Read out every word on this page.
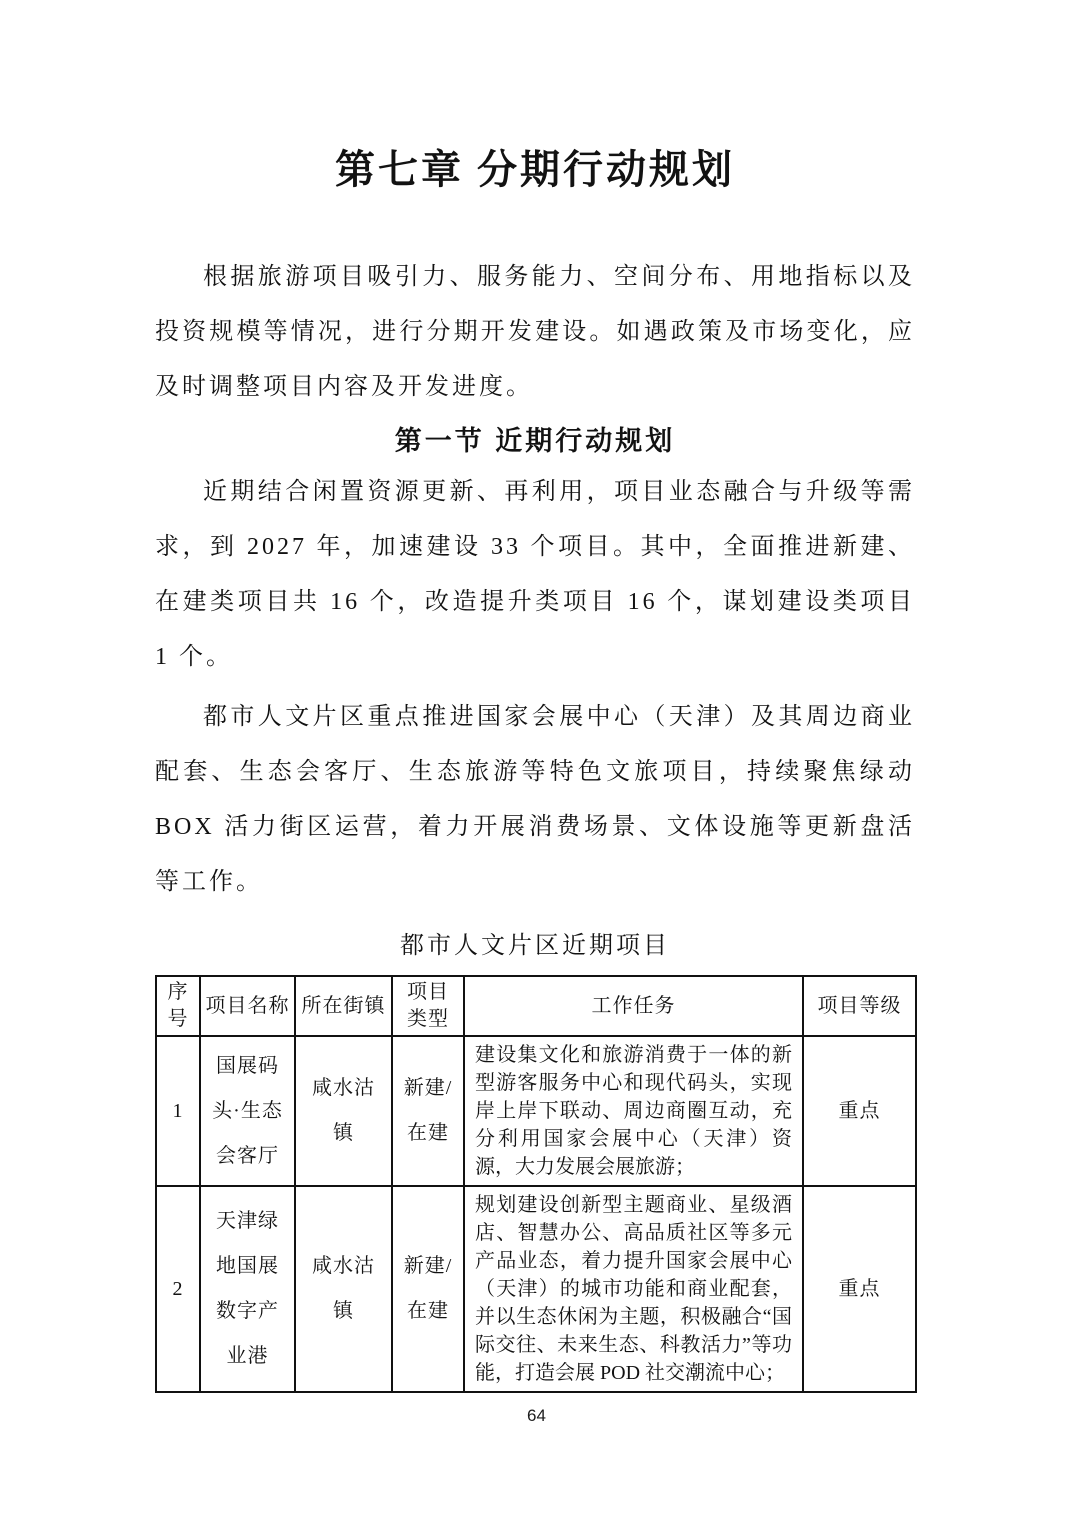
第七章 分期行动规划

根据旅游项目吸引力、服务能力、空间分布、用地指标以及投资规模等情况，进行分期开发建设。如遇政策及市场变化，应及时调整项目内容及开发进度。

第一节 近期行动规划

近期结合闲置资源更新、再利用，项目业态融合与升级等需求，到 2027 年，加速建设 33 个项目。其中，全面推进新建、在建类项目共 16 个，改造提升类项目 16 个，谋划建设类项目 1 个。

都市人文片区重点推进国家会展中心（天津）及其周边商业配套、生态会客厅、生态旅游等特色文旅项目，持续聚焦绿动 BOX 活力街区运营，着力开展消费场景、文体设施等更新盘活等工作。

都市人文片区近期项目
序号	项目名称	所在街镇	项目类型	工作任务	项目等级
1	国展码头·生态会客厅	咸水沽镇	新建/在建	建设集文化和旅游消费于一体的新型游客服务中心和现代码头，实现岸上岸下联动、周边商圈互动，充分利用国家会展中心（天津）资源，大力发展会展旅游；	重点
2	天津绿地国展数字产业港	咸水沽镇	新建/在建	规划建设创新型主题商业、星级酒店、智慧办公、高品质社区等多元产品业态，着力提升国家会展中心（天津）的城市功能和商业配套，并以生态休闲为主题，积极融合“国际交往、未来生态、科教活力”等功能，打造会展 POD 社交潮流中心；	重点
64
